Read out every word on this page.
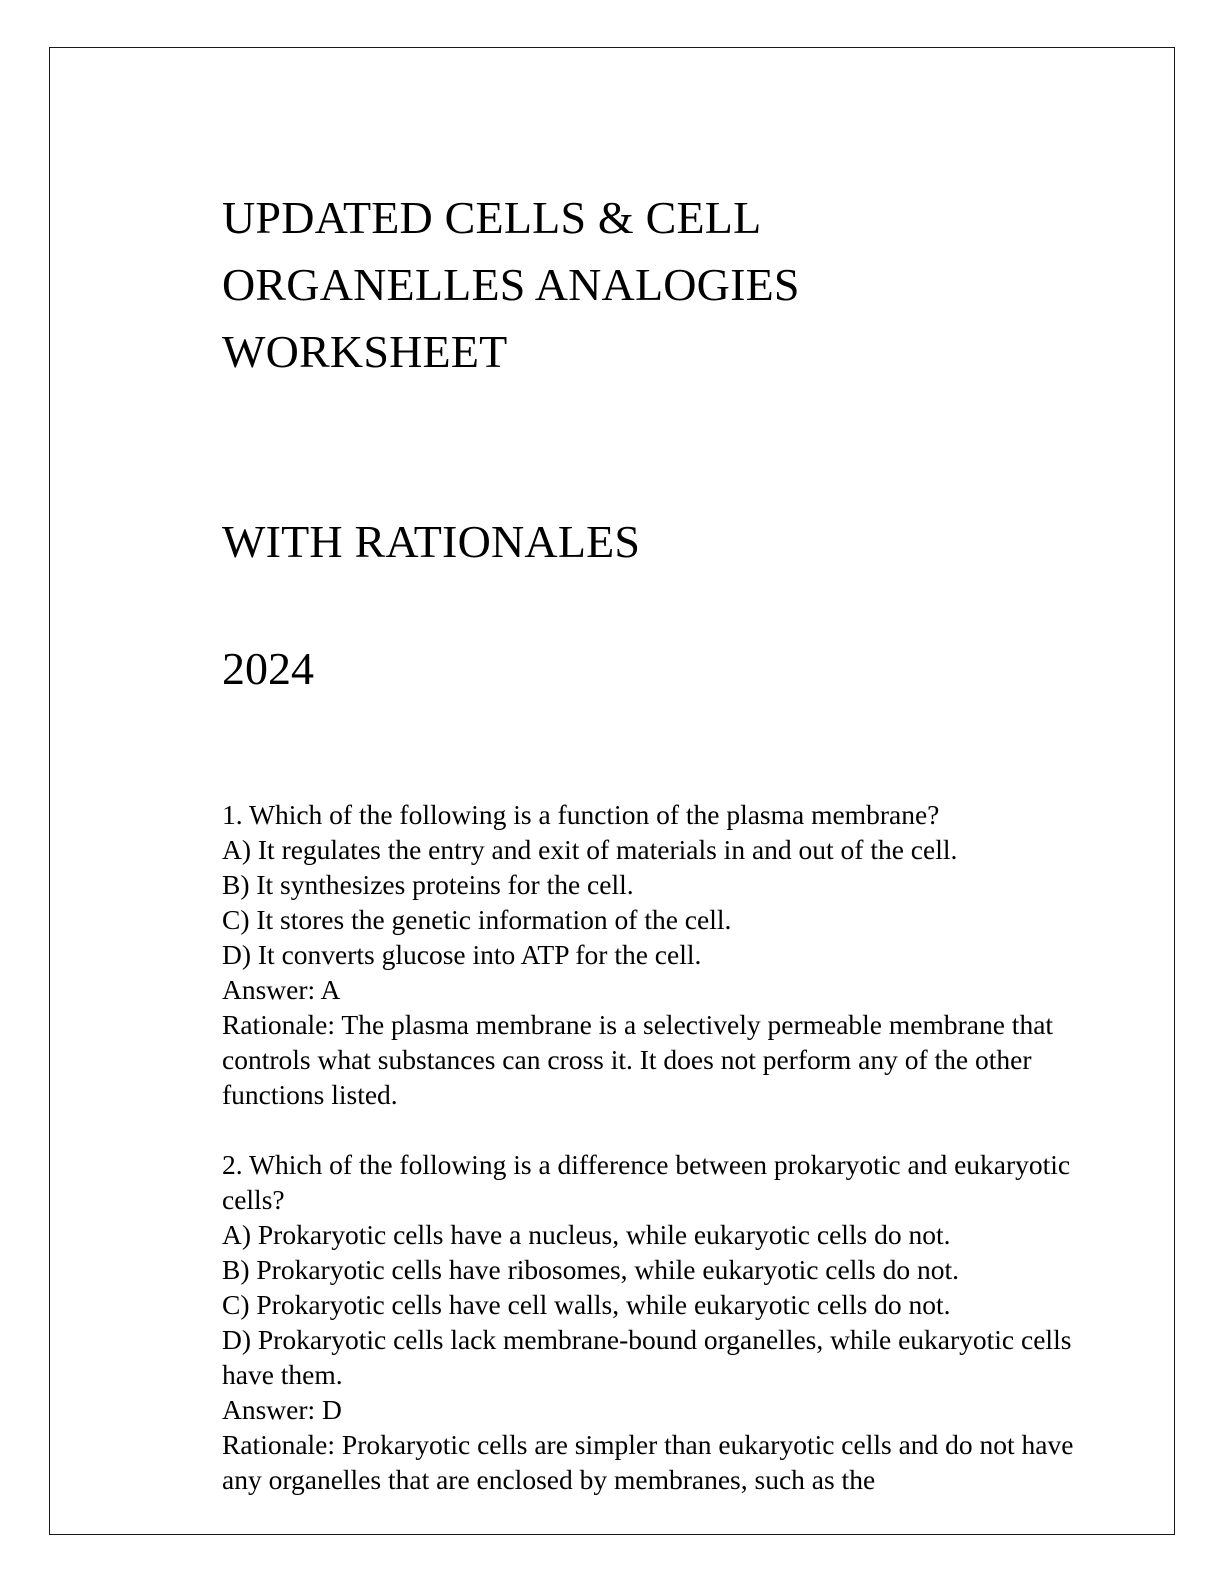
UPDATED CELLS & CELL ORGANELLES ANALOGIES WORKSHEET
WITH RATIONALES
2024

1. Which of the following is a function of the plasma membrane?

A) It regulates the entry and exit of materials in and out of the cell.

B) It synthesizes proteins for the cell.

C) It stores the genetic information of the cell.

D) It converts glucose into ATP for the cell.

Answer: A

Rationale: The plasma membrane is a selectively permeable membrane that controls what substances can cross it. It does not perform any of the other functions listed.

2. Which of the following is a difference between prokaryotic and eukaryotic cells?

A) Prokaryotic cells have a nucleus, while eukaryotic cells do not.

B) Prokaryotic cells have ribosomes, while eukaryotic cells do not.

C) Prokaryotic cells have cell walls, while eukaryotic cells do not.

D) Prokaryotic cells lack membrane-bound organelles, while eukaryotic cells have them.

Answer: D

Rationale: Prokaryotic cells are simpler than eukaryotic cells and do not have any organelles that are enclosed by membranes, such as the
